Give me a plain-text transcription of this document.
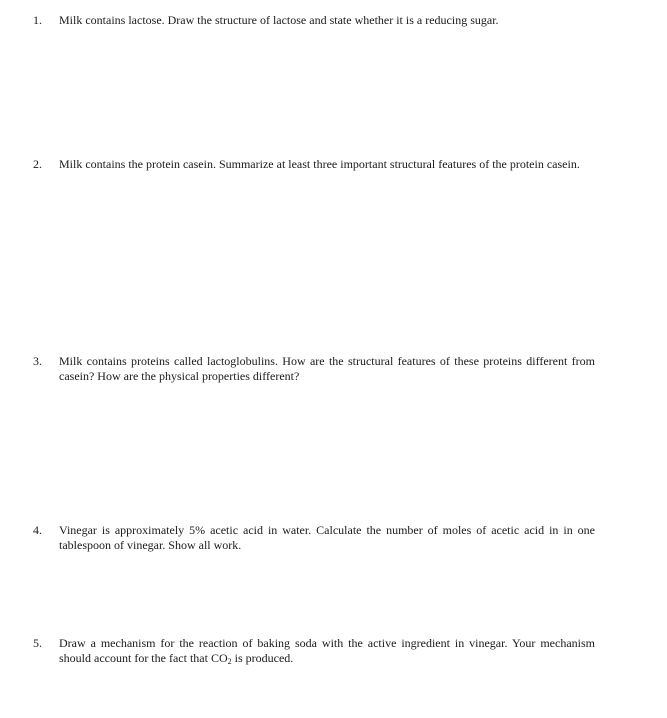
1.	Milk contains lactose. Draw the structure of lactose and state whether it is a reducing sugar.
2.	Milk contains the protein casein. Summarize at least three important structural features of the protein casein.
3.	Milk contains proteins called lactoglobulins. How are the structural features of these proteins different from casein? How are the physical properties different?
4.	Vinegar is approximately 5% acetic acid in water. Calculate the number of moles of acetic acid in in one tablespoon of vinegar. Show all work.
5.	Draw a mechanism for the reaction of baking soda with the active ingredient in vinegar. Your mechanism should account for the fact that $CO_2$ is produced.
